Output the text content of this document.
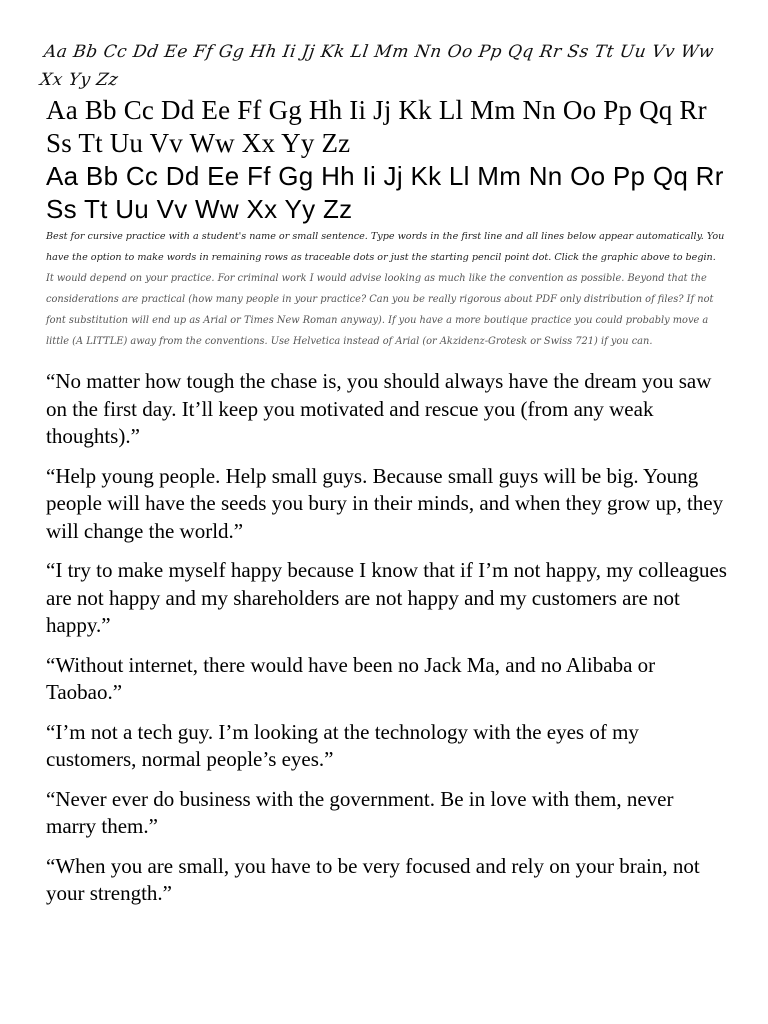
Aa Bb Cc Dd Ee Ff Gg Hh Ii Jj Kk Ll Mm Nn Oo Pp Qq Rr Ss Tt Uu Vv Ww Xx Yy Zz

Aa Bb Cc Dd Ee Ff Gg Hh Ii Jj Kk Ll Mm Nn Oo Pp Qq Rr Ss Tt Uu Vv Ww Xx Yy Zz

Aa Bb Cc Dd Ee Ff Gg Hh Ii Jj Kk Ll Mm Nn Oo Pp Qq Rr Ss Tt Uu Vv Ww Xx Yy Zz

Best for cursive practice with a student's name or small sentence. Type words in the first line and all lines below appear automatically. You have the option to make words in remaining rows as traceable dots or just the starting pencil point dot. Click the graphic above to begin.

It would depend on your practice. For criminal work I would advise looking as much like the convention as possible. Beyond that the considerations are practical (how many people in your practice? Can you be really rigorous about PDF only distribution of files? If not font substitution will end up as Arial or Times New Roman anyway). If you have a more boutique practice you could probably move a little (A LITTLE) away from the conventions. Use Helvetica instead of Arial (or Akzidenz-Grotesk or Swiss 721) if you can.

“No matter how tough the chase is, you should always have the dream you saw on the first day. It’ll keep you motivated and rescue you (from any weak thoughts).”

“Help young people. Help small guys. Because small guys will be big. Young people will have the seeds you bury in their minds, and when they grow up, they will change the world.”

“I try to make myself happy because I know that if I’m not happy, my colleagues are not happy and my shareholders are not happy and my customers are not happy.”

“Without internet, there would have been no Jack Ma, and no Alibaba or Taobao.”

“I’m not a tech guy. I’m looking at the technology with the eyes of my customers, normal people’s eyes.”

“Never ever do business with the government. Be in love with them, never marry them.”

“When you are small, you have to be very focused and rely on your brain, not your strength.”
